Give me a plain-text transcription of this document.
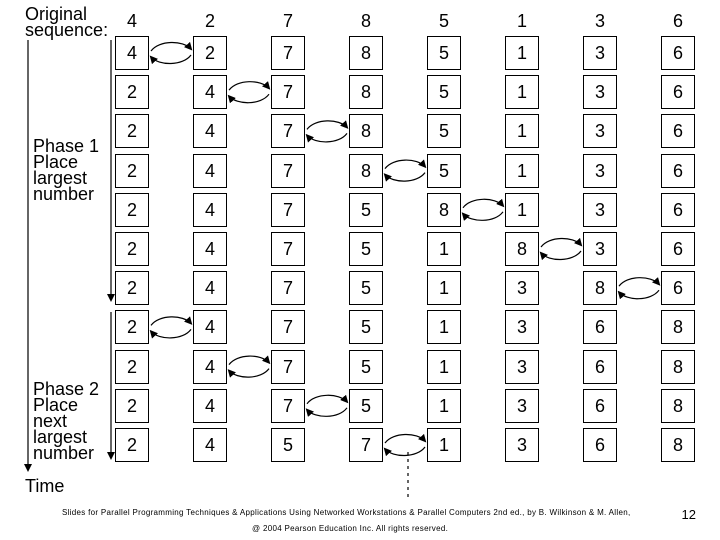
Original
sequence:
Phase 1
Place
largest
number
Phase 2
Place
next
largest
number
Time
4	2	7	8	5	1	3	6
4	2	7	8	5	1	3	6
2	4	7	8	5	1	3	6
2	4	7	8	5	1	3	6
2	4	7	8	5	1	3	6
2	4	7	5	8	1	3	6
2	4	7	5	1	8	3	6
2	4	7	5	1	3	8	6
2	4	7	5	1	3	6	8
2	4	7	5	1	3	6	8
2	4	7	5	1	3	6	8
2	4	5	7	1	3	6	8
Slides for Parallel Programming Techniques & Applications Using Networked Workstations & Parallel Computers 2nd ed., by B. Wilkinson & M. Allen,
@ 2004 Pearson Education Inc. All rights reserved.
12
